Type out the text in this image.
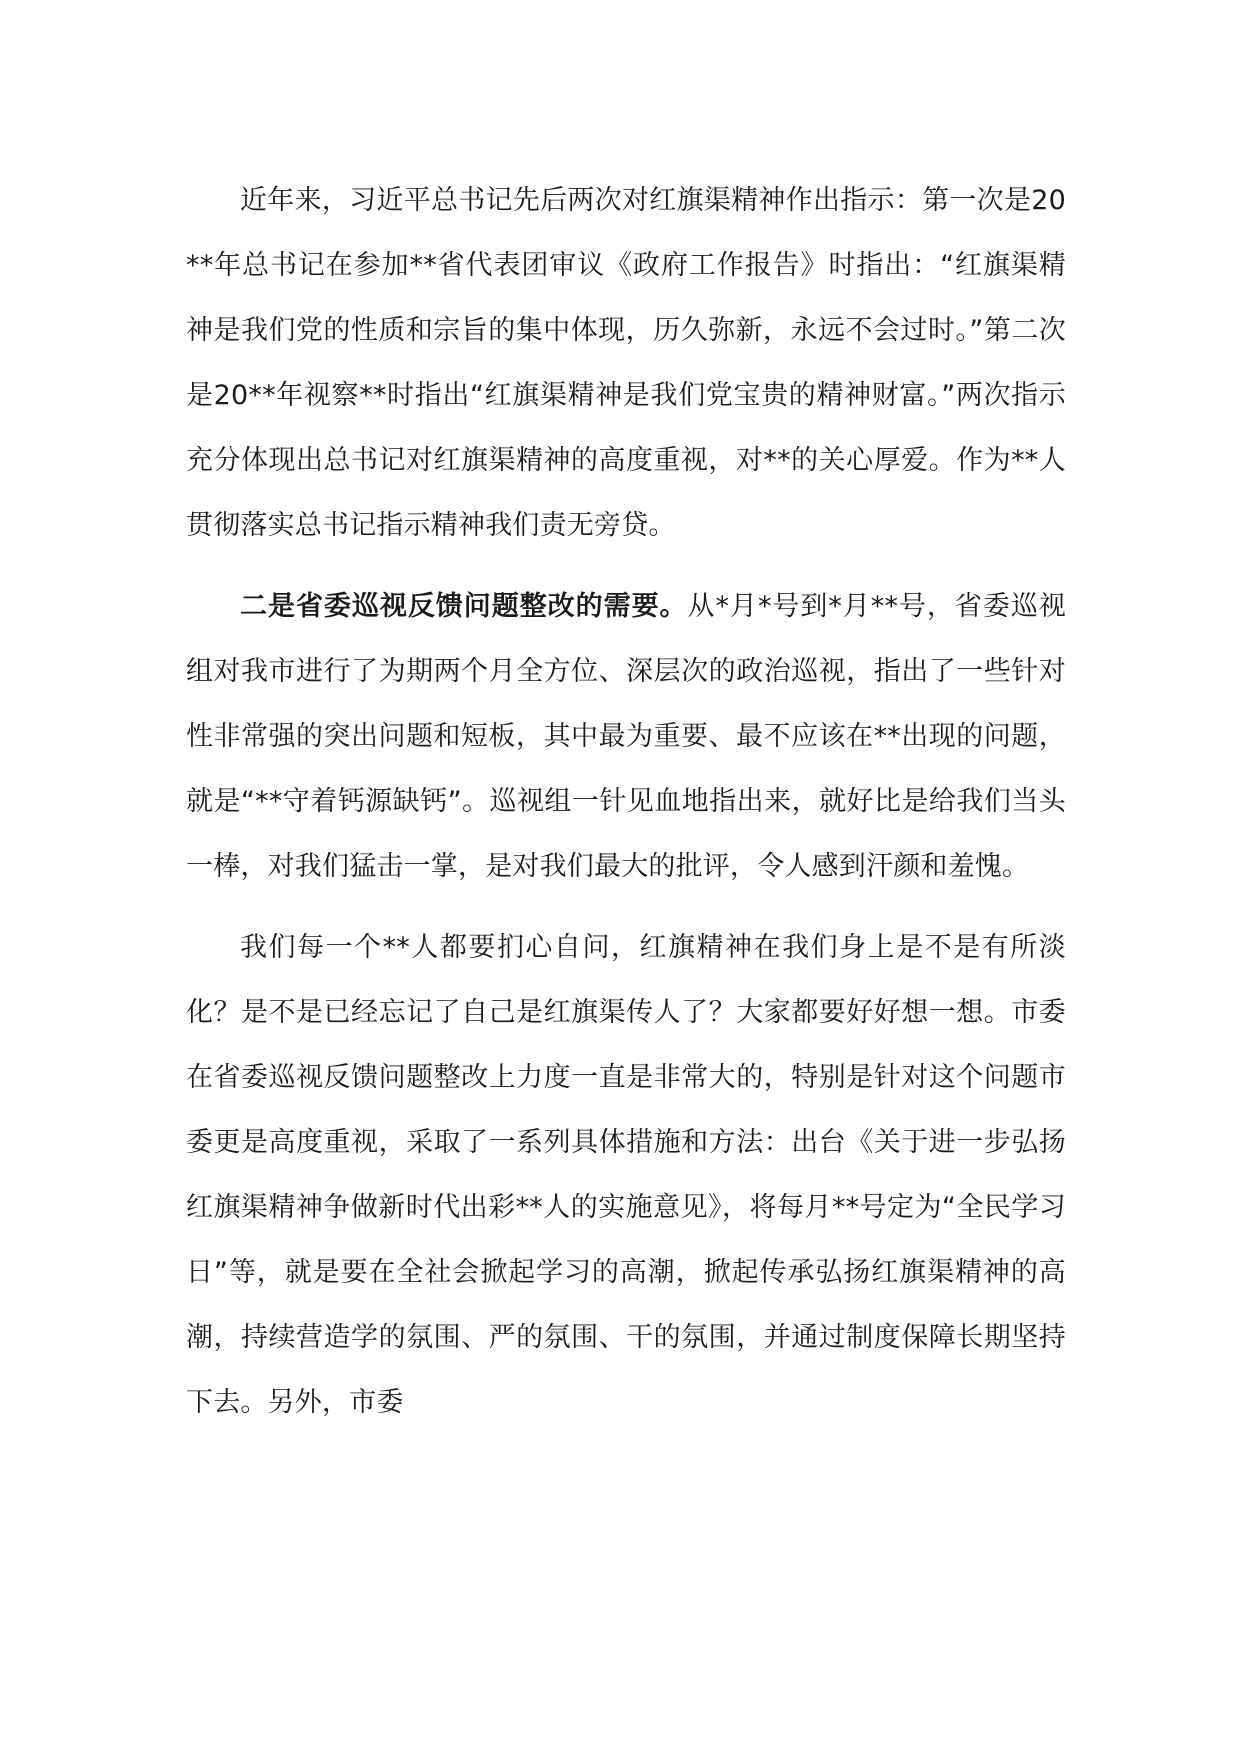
近年来，习近平总书记先后两次对红旗渠精神作出指示：第一次是20**年总书记在参加**省代表团审议《政府工作报告》时指出：“红旗渠精神是我们党的性质和宗旨的集中体现，历久弥新，永远不会过时。”第二次是20**年视察**时指出“红旗渠精神是我们党宝贵的精神财富。”两次指示充分体现出总书记对红旗渠精神的高度重视，对**的关心厚爱。作为**人贯彻落实总书记指示精神我们责无旁贷。

二是省委巡视反馈问题整改的需要。从*月*号到*月**号，省委巡视组对我市进行了为期两个月全方位、深层次的政治巡视，指出了一些针对性非常强的突出问题和短板，其中最为重要、最不应该在**出现的问题，就是“**守着钙源缺钙”。巡视组一针见血地指出来，就好比是给我们当头一棒，对我们猛击一掌，是对我们最大的批评，令人感到汗颜和羞愧。

我们每一个**人都要扪心自问，红旗精神在我们身上是不是有所淡化？是不是已经忘记了自己是红旗渠传人了？大家都要好好想一想。市委在省委巡视反馈问题整改上力度一直是非常大的，特别是针对这个问题市委更是高度重视，采取了一系列具体措施和方法：出台《关于进一步弘扬红旗渠精神争做新时代出彩**人的实施意见》，将每月**号定为“全民学习日”等，就是要在全社会掀起学习的高潮，掀起传承弘扬红旗渠精神的高潮，持续营造学的氛围、严的氛围、干的氛围，并通过制度保障长期坚持下去。另外，市委
